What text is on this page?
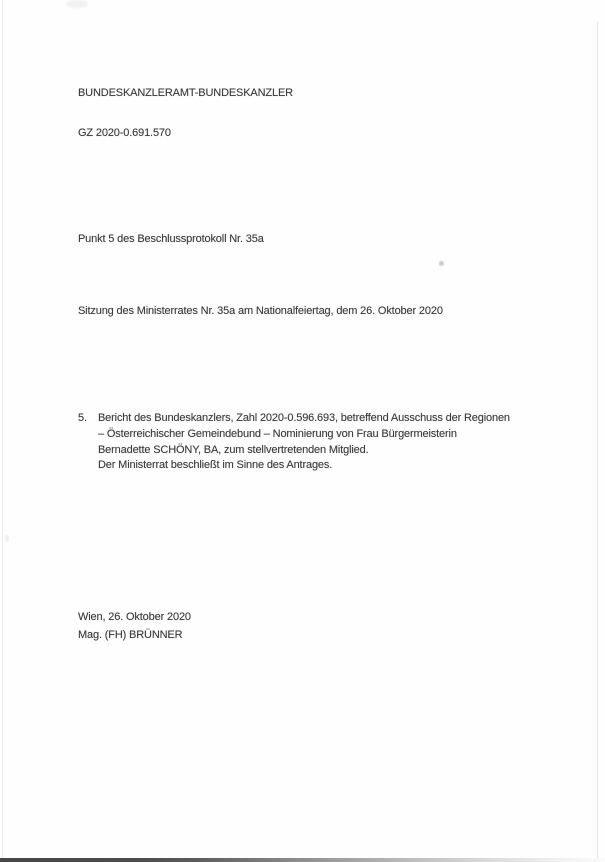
BUNDESKANZLERAMT-BUNDESKANZLER
GZ 2020-0.691.570
Punkt 5 des Beschlussprotokoll Nr. 35a
Sitzung des Ministerrates Nr. 35a am Nationalfeiertag, dem 26. Oktober 2020
5. Bericht des Bundeskanzlers, Zahl 2020-0.596.693, betreffend Ausschuss der Regionen
– Österreichischer Gemeindebund – Nominierung von Frau Bürgermeisterin
Bernadette SCHÖNY, BA, zum stellvertretenden Mitglied.
Der Ministerrat beschließt im Sinne des Antrages.
Wien, 26. Oktober 2020
Mag. (FH) BRÜNNER
